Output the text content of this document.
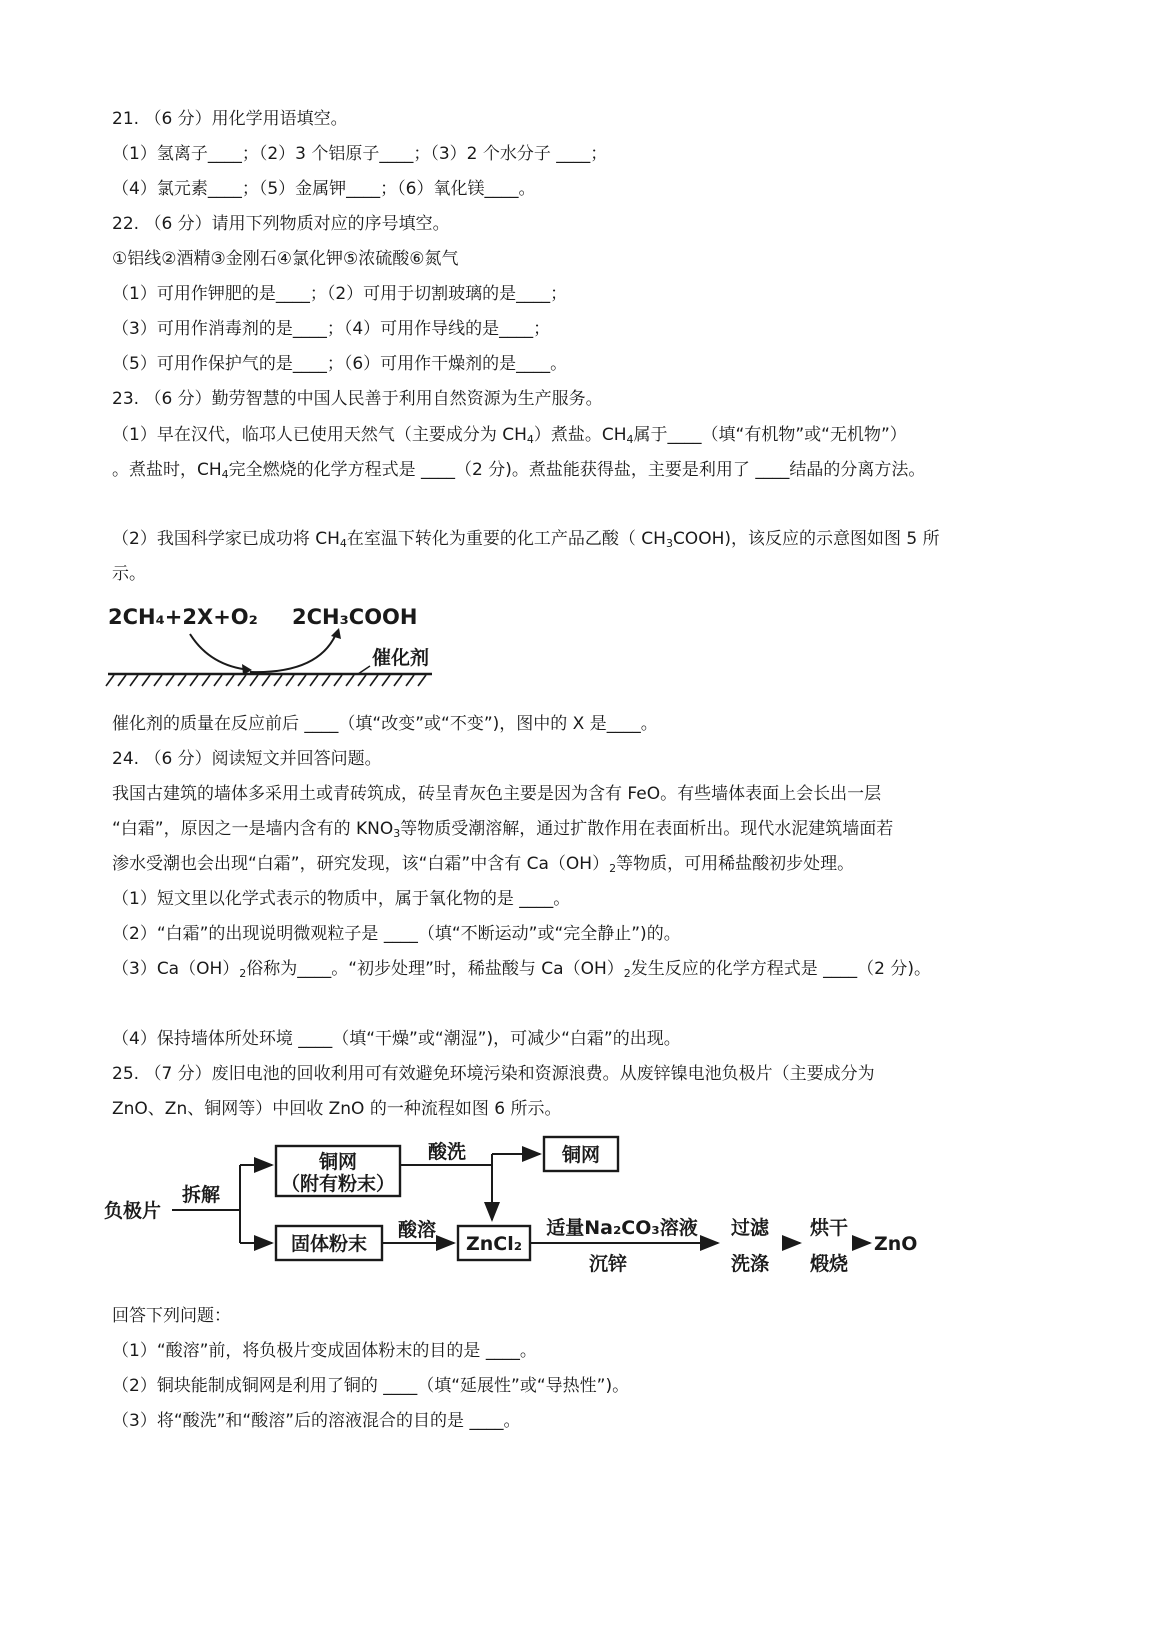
21. （6 分）用化学用语填空。
（1）氢离子____；（2）3 个铝原子____；（3）2 个水分子 ____；
（4）氯元素____；（5）金属钾____；（6）氧化镁____。
22. （6 分）请用下列物质对应的序号填空。
①铝线②酒精③金刚石④氯化钾⑤浓硫酸⑥氮气
（1）可用作钾肥的是____；（2）可用于切割玻璃的是____；
（3）可用作消毒剂的是____；（4）可用作导线的是____；
（5）可用作保护气的是____；（6）可用作干燥剂的是____。
23. （6 分）勤劳智慧的中国人民善于利用自然资源为生产服务。
（1）早在汉代，临邛人已使用天然气（主要成分为 $CH_4$）煮盐。$CH_4$属于____（填“有机物”或“无机物”）
。煮盐时，$CH_4$完全燃烧的化学方程式是 ____（2 分)。煮盐能获得盐，主要是利用了 ____结晶的分离方法。
（2）我国科学家已成功将 $CH_4$在室温下转化为重要的化工产品乙酸（ $CH_3COOH$)，该反应的示意图如图 5 所
示。
2CH₄+2X+O₂ 2CH₃COOH
催化剂
催化剂的质量在反应前后 ____（填“改变”或“不变”)，图中的 X 是____。
24. （6 分）阅读短文并回答问题。
我国古建筑的墙体多采用土或青砖筑成，砖呈青灰色主要是因为含有 FeO。有些墙体表面上会长出一层
“白霜”，原因之一是墙内含有的 $KNO_3$等物质受潮溶解，通过扩散作用在表面析出。现代水泥建筑墙面若
渗水受潮也会出现“白霜”，研究发现，该“白霜”中含有 $Ca(OH)_2$等物质，可用稀盐酸初步处理。
（1）短文里以化学式表示的物质中，属于氧化物的是 ____。
（2）“白霜”的出现说明微观粒子是 ____（填“不断运动”或“完全静止”)的。
$(3)Ca(OH)_2$俗称为____。“初步处理”时，稀盐酸与 $Ca(OH)_2$发生反应的化学方程式是 ____（2 分)。
（4）保持墙体所处环境 ____（填“干燥”或“潮湿”)，可减少“白霜”的出现。
25. （7 分）废旧电池的回收利用可有效避免环境污染和资源浪费。从废锌镍电池负极片（主要成分为
ZnO、Zn、铜网等）中回收 ZnO 的一种流程如图 6 所示。
负极片
拆解
铜网
（附有粉末）
酸洗	铜网
固体粉末
酸溶
ZnCl₂
适量Na₂CO₃溶液
沉锌
过滤
洗涤
烘干
煅烧
ZnO
回答下列问题：
（1）“酸溶”前，将负极片变成固体粉末的目的是 ____。
（2）铜块能制成铜网是利用了铜的 ____（填“延展性”或“导热性”)。
（3）将“酸洗”和“酸溶”后的溶液混合的目的是 ____。
